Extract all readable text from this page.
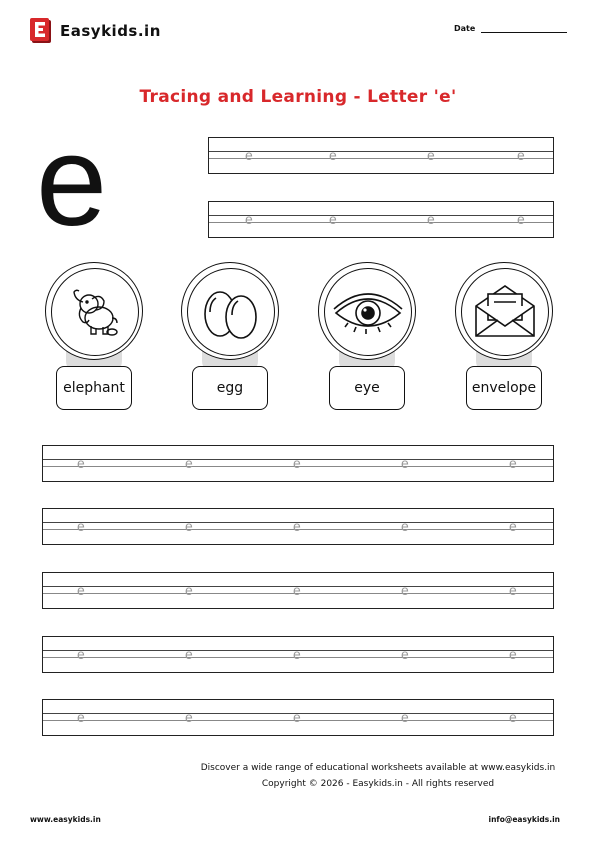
Easykids.in	Date
Tracing and Learning - Letter 'e'
e	e	e	e	e
e	e	e	e
e	e	e	e	e
e	e	e	e	e
e	e	e	e	e
e	e	e	e	e
e	e	e	e	e
elephant	egg	eye	envelope
Discover a wide range of educational worksheets available at www.easykids.in
Copyright © 2026 - Easykids.in - All rights reserved
www.easykids.in	info@easykids.in
